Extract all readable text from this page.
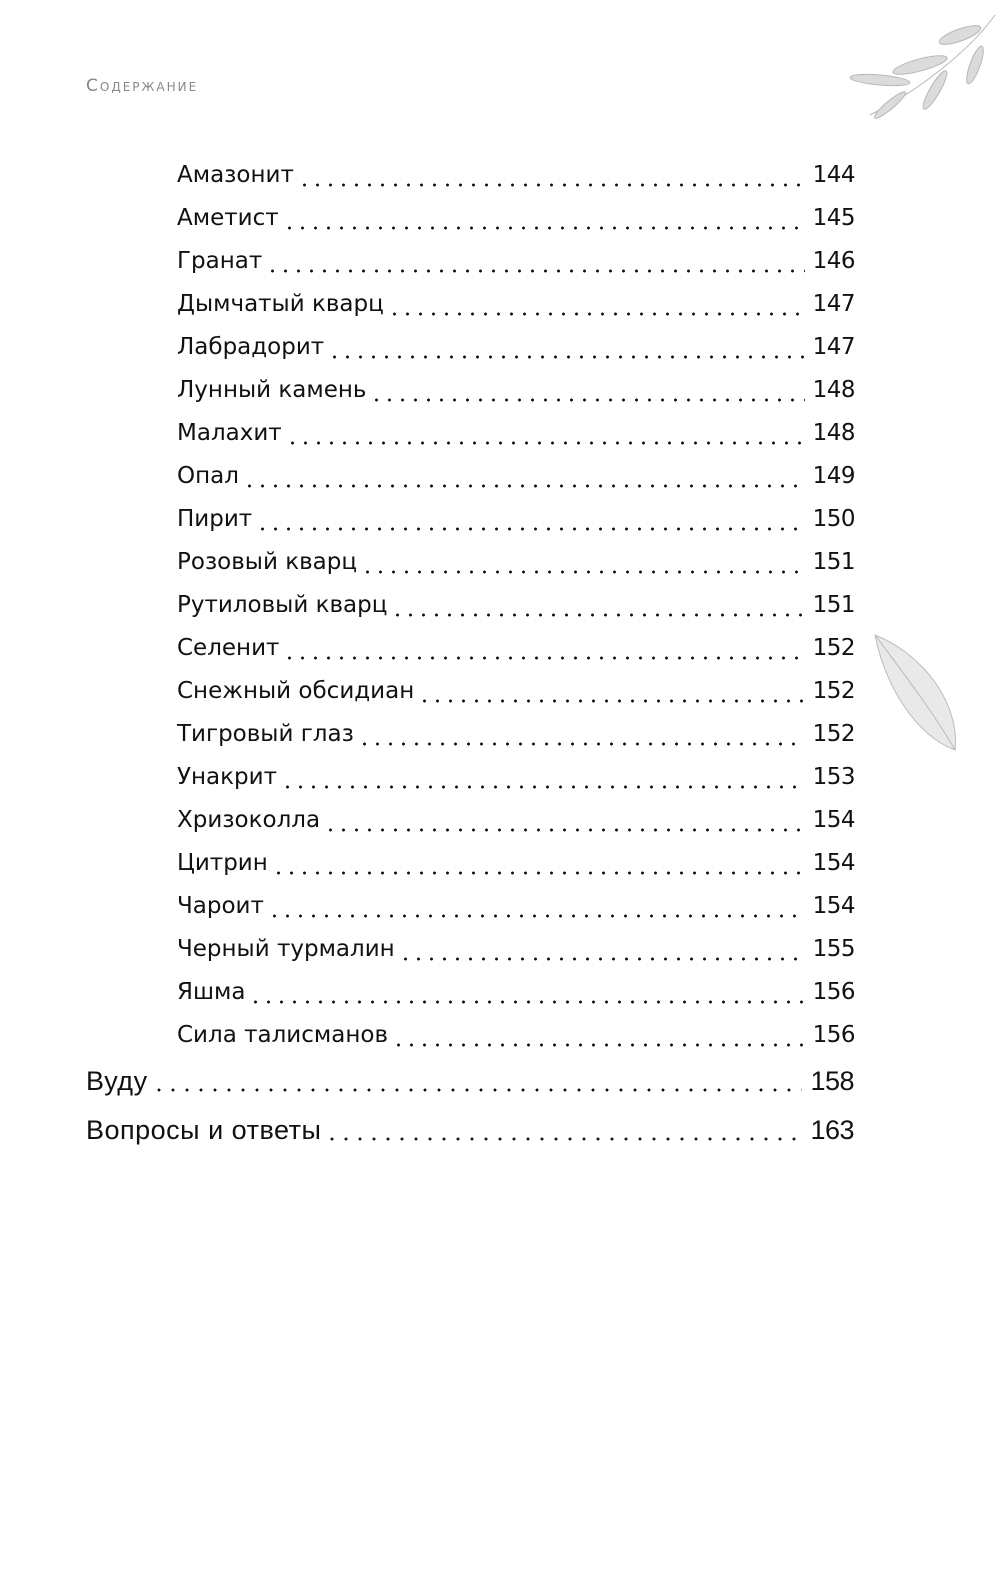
Содержание
Амазонит	144
Аметист	145
Гранат	146
Дымчатый кварц	147
Лабрадорит	147
Лунный камень	148
Малахит	148
Опал	149
Пирит	150
Розовый кварц	151
Рутиловый кварц	151
Селенит	152
Снежный обсидиан	152
Тигровый глаз	152
Унакрит	153
Хризоколла	154
Цитрин	154
Чароит	154
Черный турмалин	155
Яшма	156
Сила талисманов	156
Вуду	158
Вопросы и ответы	163
